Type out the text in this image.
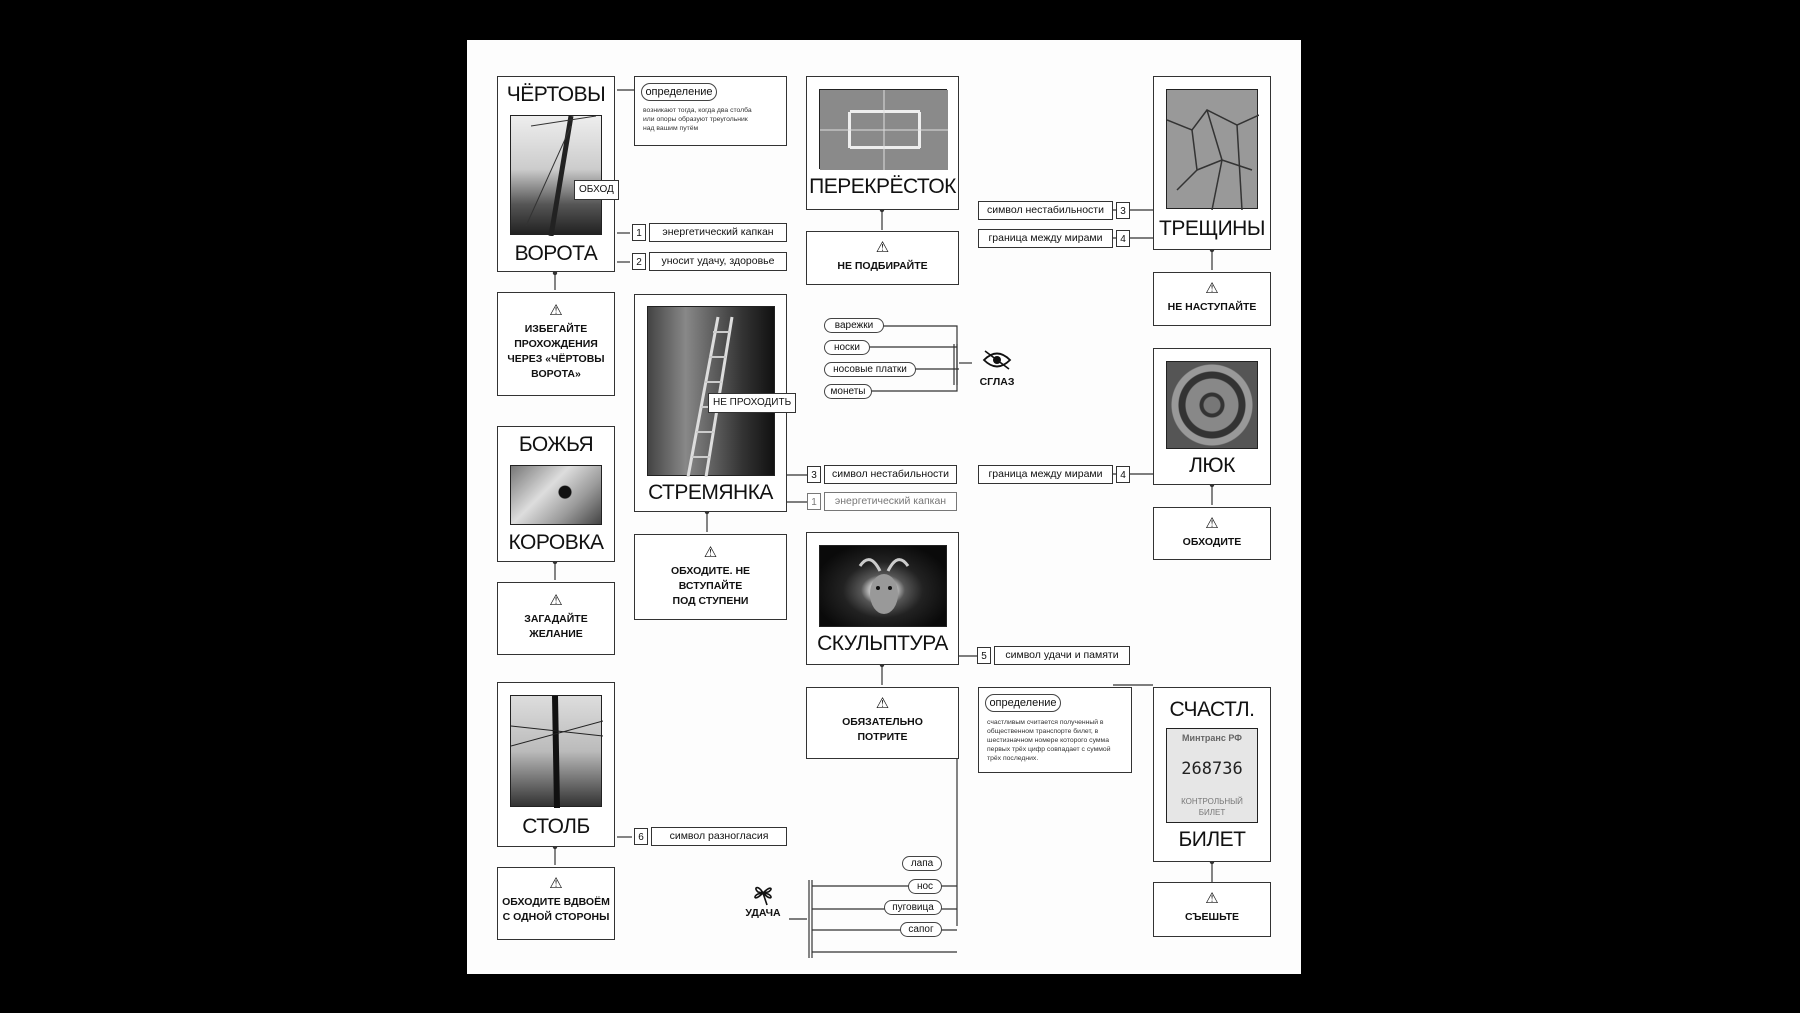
ЧЁРТОВЫ
ОБХОД
ВОРОТА
⚠
ИЗБЕГАЙТЕ ПРОХОЖДЕНИЯ ЧЕРЕЗ «ЧЁРТОВЫ ВОРОТА»
определение
возникают тогда, когда два столба или опоры образуют треугольник над вашим путём
1	энергетический капкан
2	уносит удачу, здоровье
БОЖЬЯ
КОРОВКА
⚠
ЗАГАДАЙТЕ ЖЕЛАНИЕ
СТОЛБ
⚠
ОБХОДИТЕ ВДВОЁМ С ОДНОЙ СТОРОНЫ
6	символ разногласия
НЕ ПРОХОДИТЬ
СТРЕМЯНКА
⚠
ОБХОДИТЕ. НЕ ВСТУПАЙТЕ ПОД СТУПЕНИ
3	символ нестабильности
1	энергетический капкан
ПЕРЕКРЁСТОК
⚠
НЕ ПОДБИРАЙТЕ
варежки
носки
носовые платки
монеты
СГЛАЗ
СКУЛЬПТУРА
5	символ удачи и памяти
⚠
ОБЯЗАТЕЛЬНО ПОТРИТЕ
лапа
нос
пуговица
сапог
УДАЧА
ТРЕЩИНЫ
⚠
НЕ НАСТУПАЙТЕ
символ нестабильности	3
граница между мирами	4
ЛЮК
⚠
ОБХОДИТЕ
граница между мирами	4
определение
счастливым считается полученный в общественном транспорте билет, в шестизначном номере которого сумма первых трёх цифр совпадает с суммой трёх последних.
СЧАСТЛ.
Минтранс РФ
268736
КОНТРОЛЬНЫЙ
БИЛЕТ
БИЛЕТ
⚠
СЪЕШЬТЕ
